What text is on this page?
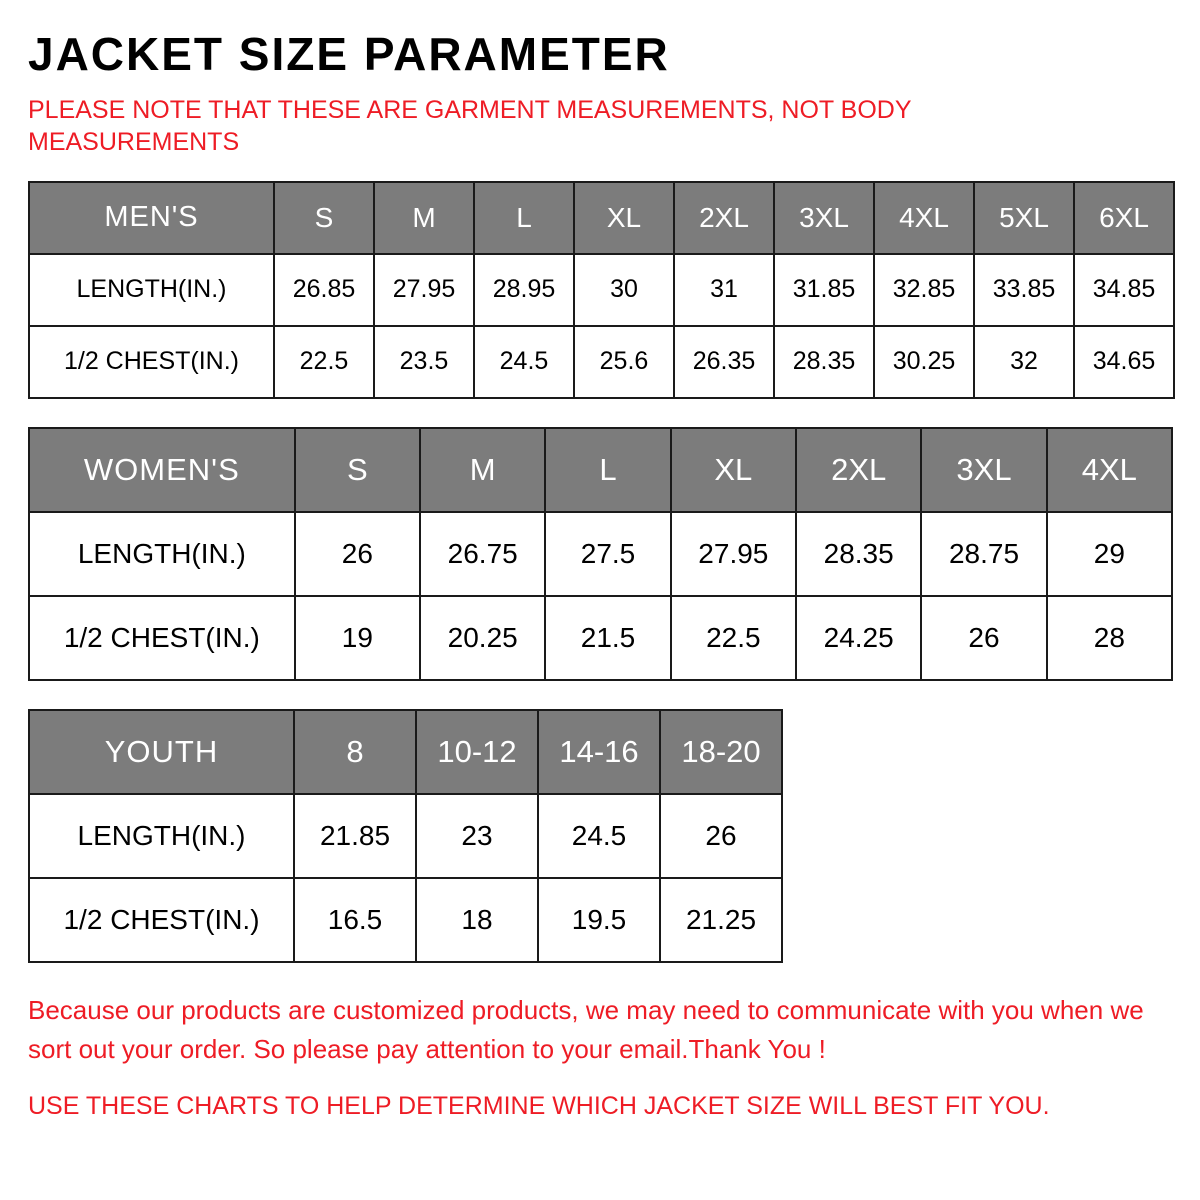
JACKET SIZE PARAMETER

PLEASE NOTE THAT THESE ARE GARMENT MEASUREMENTS, NOT BODY MEASUREMENTS

MEN'S	S	M	L	XL	2XL	3XL	4XL	5XL	6XL
LENGTH(IN.)	26.85	27.95	28.95	30	31	31.85	32.85	33.85	34.85
1/2 CHEST(IN.)	22.5	23.5	24.5	25.6	26.35	28.35	30.25	32	34.65
WOMEN'S	S	M	L	XL	2XL	3XL	4XL
LENGTH(IN.)	26	26.75	27.5	27.95	28.35	28.75	29
1/2 CHEST(IN.)	19	20.25	21.5	22.5	24.25	26	28
YOUTH	8	10-12	14-16	18-20
LENGTH(IN.)	21.85	23	24.5	26
1/2 CHEST(IN.)	16.5	18	19.5	21.25

Because our products are customized products, we may need to communicate with you when we sort out your order. So please pay attention to your email.Thank You !

USE THESE CHARTS TO HELP DETERMINE WHICH JACKET SIZE WILL BEST FIT YOU.
